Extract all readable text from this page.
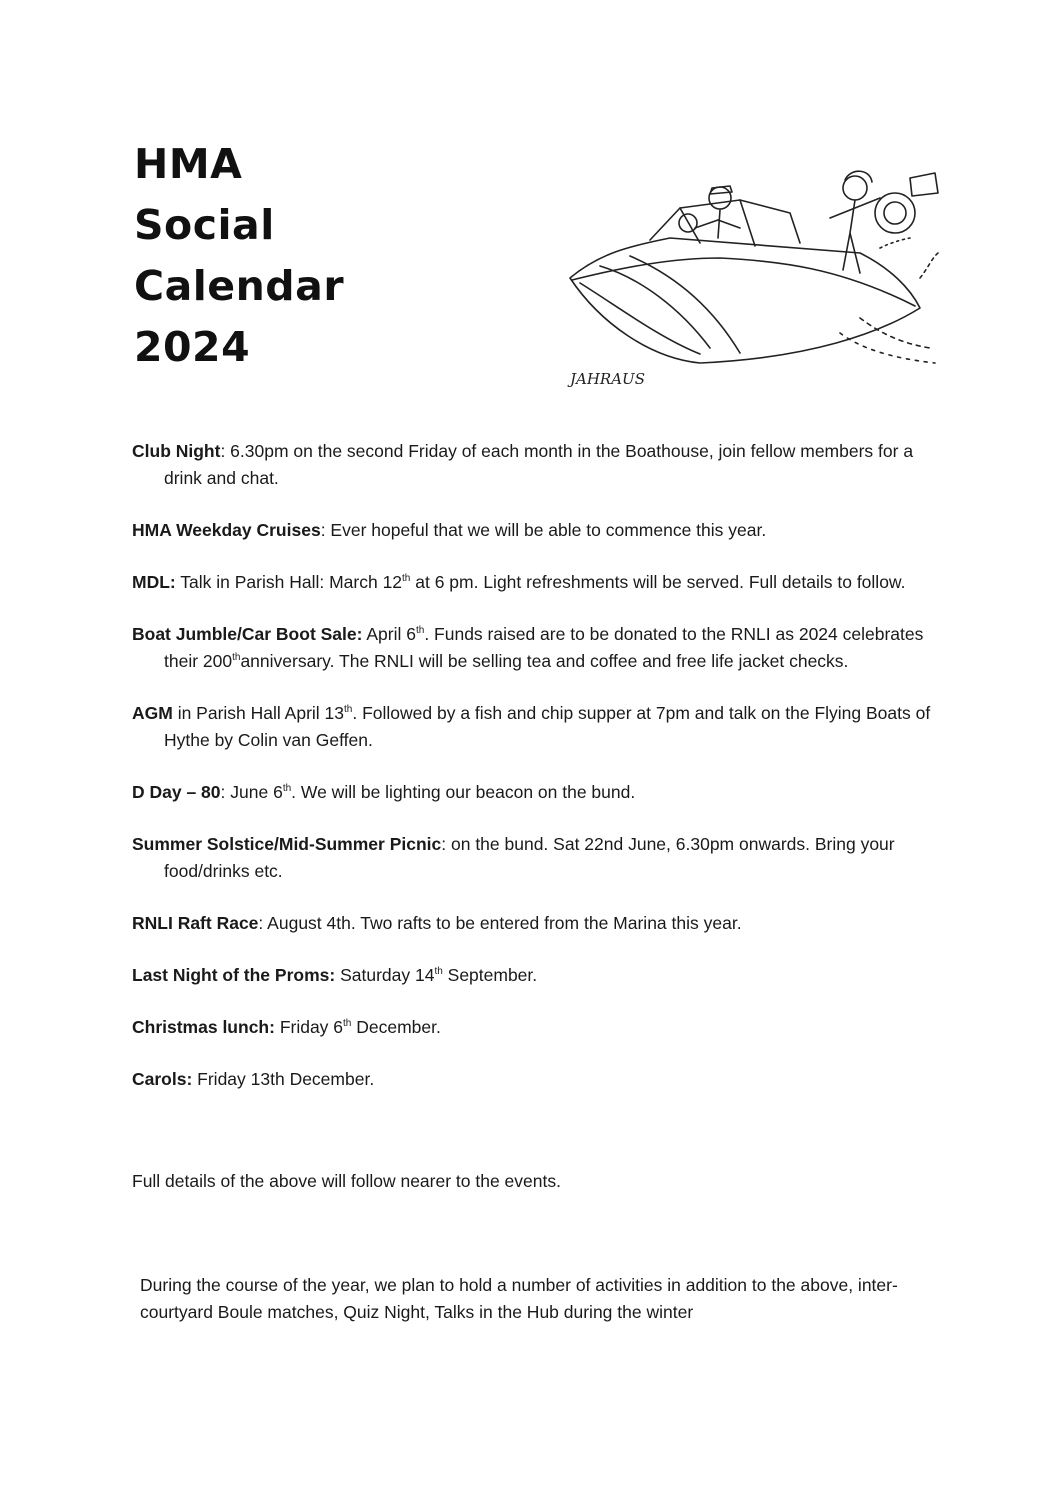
HMA
Social
Calendar
2024
JAHRAUS

Club Night: 6.30pm on the second Friday of each month in the Boathouse, join fellow members for a drink and chat.

HMA Weekday Cruises: Ever hopeful that we will be able to commence this year.

MDL: Talk in Parish Hall: March 12th at 6 pm. Light refreshments will be served. Full details to follow.

Boat Jumble/Car Boot Sale: April 6th. Funds raised are to be donated to the RNLI as 2024 celebrates their 200thanniversary. The RNLI will be selling tea and coffee and free life jacket checks.

AGM in Parish Hall April 13th. Followed by a fish and chip supper at 7pm and talk on the Flying Boats of Hythe by Colin van Geffen.

D Day – 80: June 6th. We will be lighting our beacon on the bund.

Summer Solstice/Mid-Summer Picnic: on the bund. Sat 22nd June, 6.30pm onwards. Bring your food/drinks etc.

RNLI Raft Race: August 4th. Two rafts to be entered from the Marina this year.

Last Night of the Proms: Saturday 14th September.

Christmas lunch: Friday 6th December.

Carols: Friday 13th December.

Full details of the above will follow nearer to the events.
During the course of the year, we plan to hold a number of activities in addition to the above, inter-courtyard Boule matches, Quiz Night, Talks in the Hub during the winter
